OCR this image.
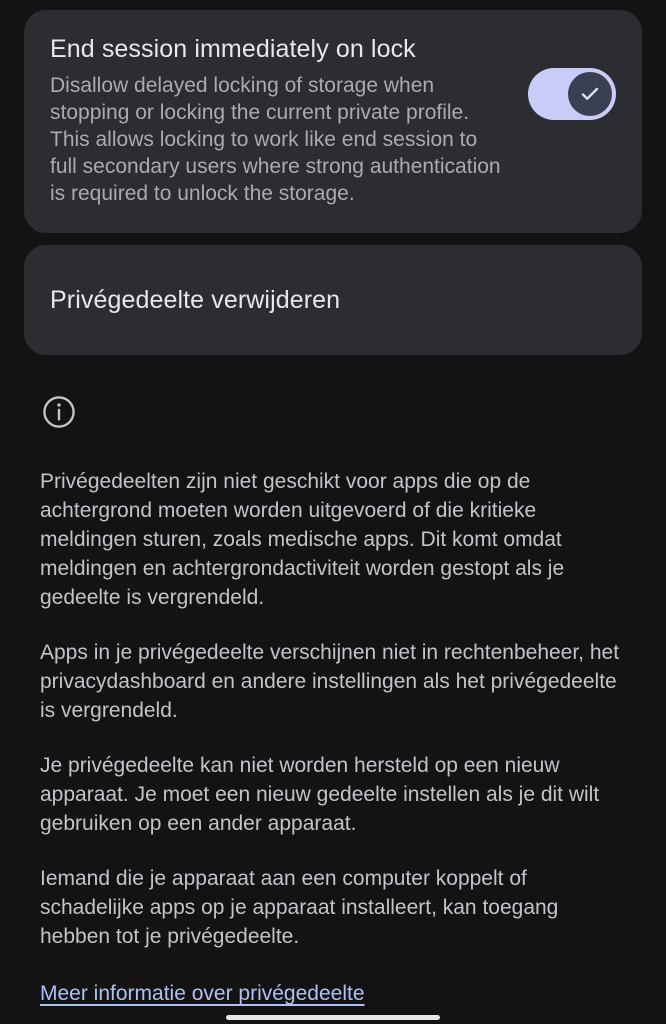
End session immediately on lock
Disallow delayed locking of storage when stopping or locking the current private profile. This allows locking to work like end session to full secondary users where strong authentication is required to unlock the storage.
Privégedeelte verwijderen

Privégedeelten zijn niet geschikt voor apps die op de achtergrond moeten worden uitgevoerd of die kritieke meldingen sturen, zoals medische apps. Dit komt omdat meldingen en achtergrondactiviteit worden gestopt als je gedeelte is vergrendeld.

Apps in je privégedeelte verschijnen niet in rechtenbeheer, het privacydashboard en andere instellingen als het privégedeelte is vergrendeld.

Je privégedeelte kan niet worden hersteld op een nieuw apparaat. Je moet een nieuw gedeelte instellen als je dit wilt gebruiken op een ander apparaat.

Iemand die je apparaat aan een computer koppelt of schadelijke apps op je apparaat installeert, kan toegang hebben tot je privégedeelte.

Meer informatie over privégedeelte
